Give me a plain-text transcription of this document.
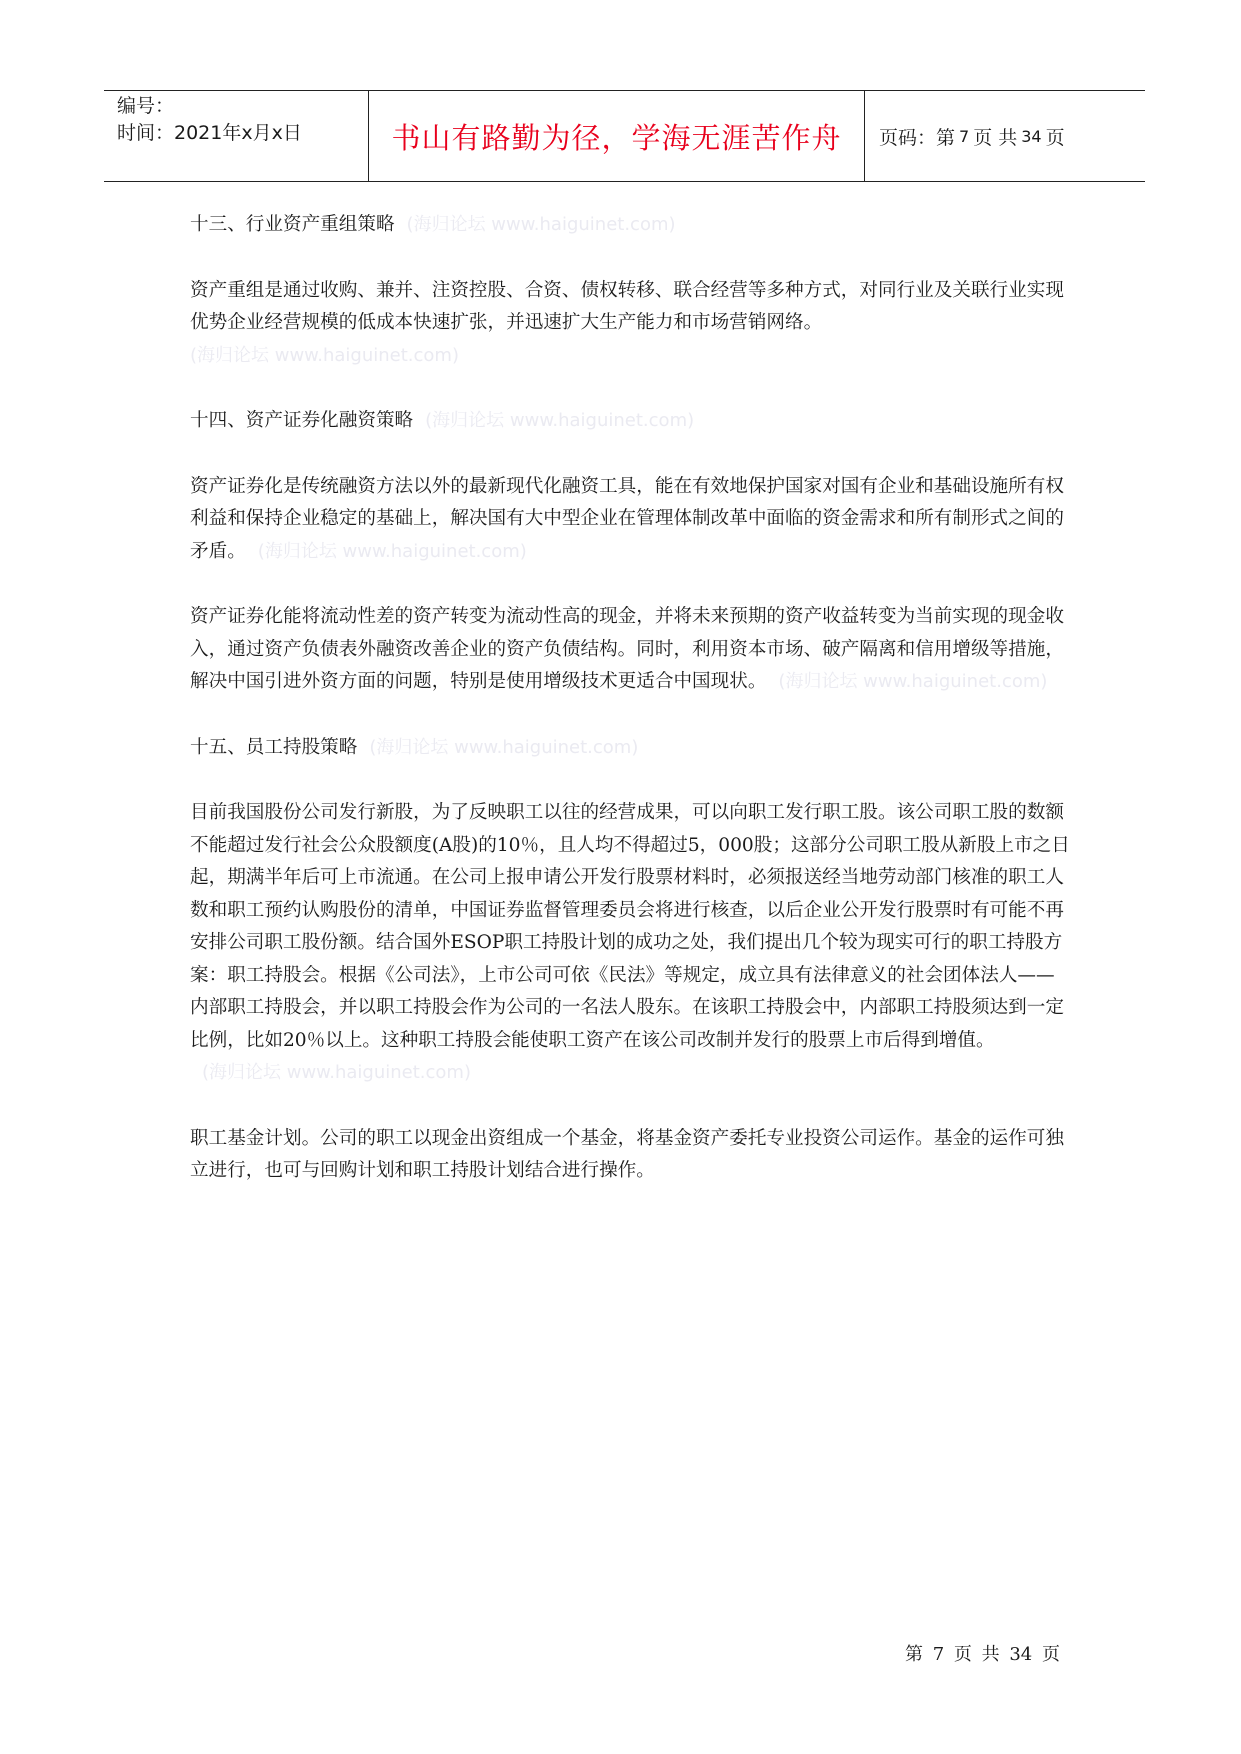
编号：
时间：2021年x月x日	书山有路勤为径，学海无涯苦作舟	页码：第 7 页 共 34 页

十三、行业资产重组策略 (海归论坛 www.haiguinet.com)

资产重组是通过收购、兼并、注资控股、合资、债权转移、联合经营等多种方式，对同行业及关联行业实现优势企业经营规模的低成本快速扩张，并迅速扩大生产能力和市场营销网络。
(海归论坛 www.haiguinet.com)

十四、资产证券化融资策略 (海归论坛 www.haiguinet.com)

资产证券化是传统融资方法以外的最新现代化融资工具，能在有效地保护国家对国有企业和基础设施所有权利益和保持企业稳定的基础上，解决国有大中型企业在管理体制改革中面临的资金需求和所有制形式之间的矛盾。 (海归论坛 www.haiguinet.com)

资产证券化能将流动性差的资产转变为流动性高的现金，并将未来预期的资产收益转变为当前实现的现金收入，通过资产负债表外融资改善企业的资产负债结构。同时，利用资本市场、破产隔离和信用增级等措施，解决中国引进外资方面的问题，特别是使用增级技术更适合中国现状。 (海归论坛 www.haiguinet.com)

十五、员工持股策略 (海归论坛 www.haiguinet.com)

目前我国股份公司发行新股，为了反映职工以往的经营成果，可以向职工发行职工股。该公司职工股的数额不能超过发行社会公众股额度(A股)的10％，且人均不得超过5，000股；这部分公司职工股从新股上市之日起，期满半年后可上市流通。在公司上报申请公开发行股票材料时，必须报送经当地劳动部门核准的职工人数和职工预约认购股份的清单，中国证券监督管理委员会将进行核查，以后企业公开发行股票时有可能不再安排公司职工股份额。结合国外ESOP职工持股计划的成功之处，我们提出几个较为现实可行的职工持股方案：职工持股会。根据《公司法》，上市公司可依《民法》等规定，成立具有法律意义的社会团体法人——内部职工持股会，并以职工持股会作为公司的一名法人股东。在该职工持股会中，内部职工持股须达到一定比例，比如20％以上。这种职工持股会能使职工资产在该公司改制并发行的股票上市后得到增值。(海归论坛 www.haiguinet.com)

职工基金计划。公司的职工以现金出资组成一个基金，将基金资产委托专业投资公司运作。基金的运作可独立进行，也可与回购计划和职工持股计划结合进行操作。

第 7 页 共 34 页
